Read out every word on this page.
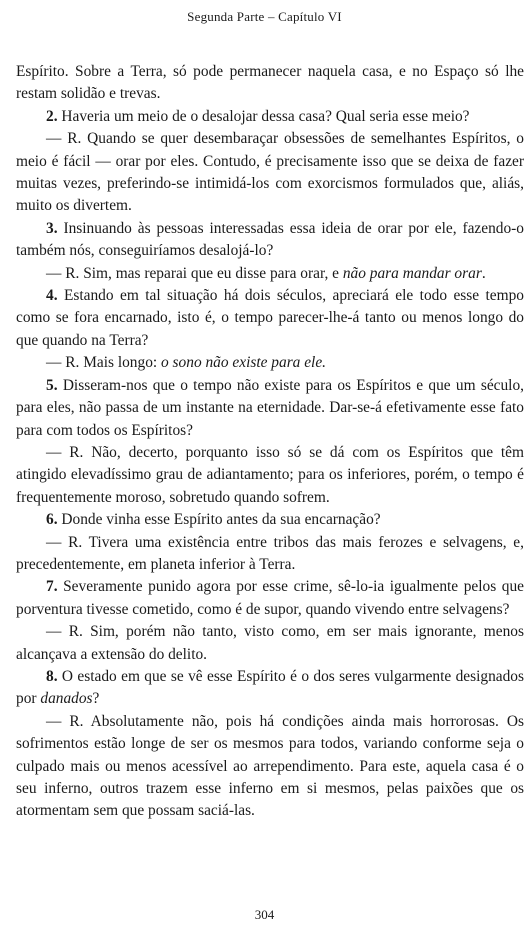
Segunda Parte – Capítulo VI

Espírito. Sobre a Terra, só pode permanecer naquela casa, e no Espaço só lhe restam solidão e trevas.

2. Haveria um meio de o desalojar dessa casa? Qual seria esse meio?

— R. Quando se quer desembaraçar obsessões de semelhantes Espíritos, o meio é fácil — orar por eles. Contudo, é precisamente isso que se deixa de fazer muitas vezes, preferindo-se intimidá-los com exorcismos formulados que, aliás, muito os divertem.

3. Insinuando às pessoas interessadas essa ideia de orar por ele, fazendo-o também nós, conseguiríamos desalojá-lo?

— R. Sim, mas reparai que eu disse para orar, e não para mandar orar.

4. Estando em tal situação há dois séculos, apreciará ele todo esse tempo como se fora encarnado, isto é, o tempo parecer-lhe-á tanto ou menos longo do que quando na Terra?

— R. Mais longo: o sono não existe para ele.

5. Disseram-nos que o tempo não existe para os Espíritos e que um século, para eles, não passa de um instante na eternidade. Dar-se-á efetivamente esse fato para com todos os Espíritos?

— R. Não, decerto, porquanto isso só se dá com os Espíritos que têm atingido elevadíssimo grau de adiantamento; para os inferiores, porém, o tempo é frequentemente moroso, sobretudo quando sofrem.

6. Donde vinha esse Espírito antes da sua encarnação?

— R. Tivera uma existência entre tribos das mais ferozes e selvagens, e, precedentemente, em planeta inferior à Terra.

7. Severamente punido agora por esse crime, sê-lo-ia igualmente pelos que porventura tivesse cometido, como é de supor, quando vivendo entre selvagens?

— R. Sim, porém não tanto, visto como, em ser mais ignorante, menos alcançava a extensão do delito.

8. O estado em que se vê esse Espírito é o dos seres vulgarmente designados por danados?

— R. Absolutamente não, pois há condições ainda mais horrorosas. Os sofrimentos estão longe de ser os mesmos para todos, variando conforme seja o culpado mais ou menos acessível ao arrependimento. Para este, aquela casa é o seu inferno, outros trazem esse inferno em si mesmos, pelas paixões que os atormentam sem que possam saciá-las.

304
